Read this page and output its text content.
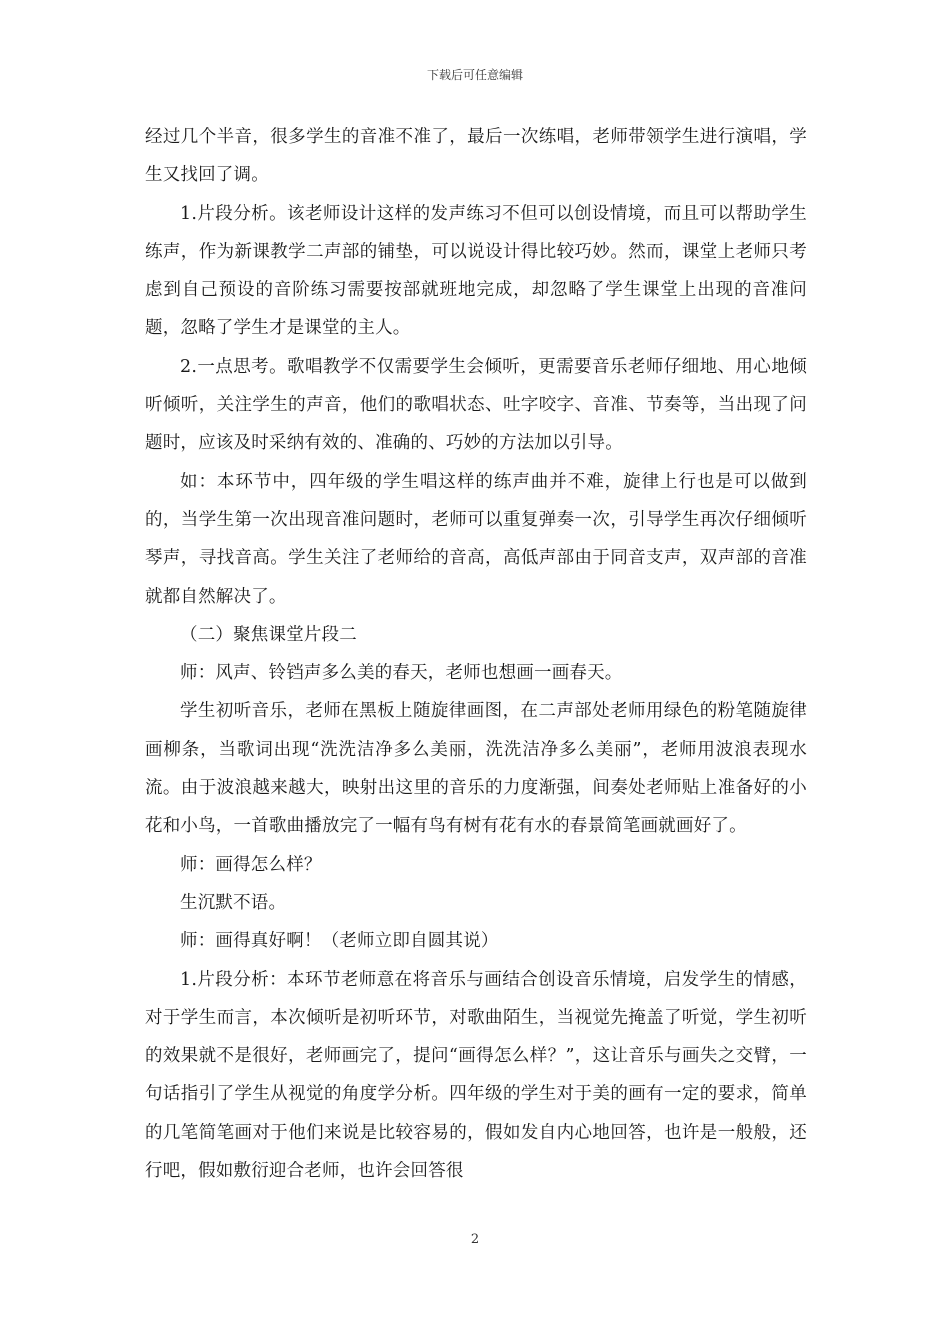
下载后可任意编辑

经过几个半音，很多学生的音准不准了，最后一次练唱，老师带领学生进行演唱，学生又找回了调。

1.片段分析。该老师设计这样的发声练习不但可以创设情境，而且可以帮助学生练声，作为新课教学二声部的铺垫，可以说设计得比较巧妙。然而，课堂上老师只考虑到自己预设的音阶练习需要按部就班地完成，却忽略了学生课堂上出现的音准问题，忽略了学生才是课堂的主人。

2.一点思考。歌唱教学不仅需要学生会倾听，更需要音乐老师仔细地、用心地倾听倾听，关注学生的声音，他们的歌唱状态、吐字咬字、音准、节奏等，当出现了问题时，应该及时采纳有效的、准确的、巧妙的方法加以引导。

如：本环节中，四年级的学生唱这样的练声曲并不难，旋律上行也是可以做到的，当学生第一次出现音准问题时，老师可以重复弹奏一次，引导学生再次仔细倾听琴声，寻找音高。学生关注了老师给的音高，高低声部由于同音支声，双声部的音准就都自然解决了。

（二）聚焦课堂片段二

师：风声、铃铛声多么美的春天，老师也想画一画春天。

学生初听音乐，老师在黑板上随旋律画图，在二声部处老师用绿色的粉笔随旋律画柳条，当歌词出现“洗洗洁净多么美丽，洗洗洁净多么美丽”，老师用波浪表现水流。由于波浪越来越大，映射出这里的音乐的力度渐强，间奏处老师贴上准备好的小花和小鸟，一首歌曲播放完了一幅有鸟有树有花有水的春景简笔画就画好了。

师：画得怎么样？

生沉默不语。

师：画得真好啊！（老师立即自圆其说）

1.片段分析：本环节老师意在将音乐与画结合创设音乐情境，启发学生的情感，对于学生而言，本次倾听是初听环节，对歌曲陌生，当视觉先掩盖了听觉，学生初听的效果就不是很好，老师画完了，提问“画得怎么样？”，这让音乐与画失之交臂，一句话指引了学生从视觉的角度学分析。四年级的学生对于美的画有一定的要求，简单的几笔简笔画对于他们来说是比较容易的，假如发自内心地回答，也许是一般般，还行吧，假如敷衍迎合老师，也许会回答很

2
